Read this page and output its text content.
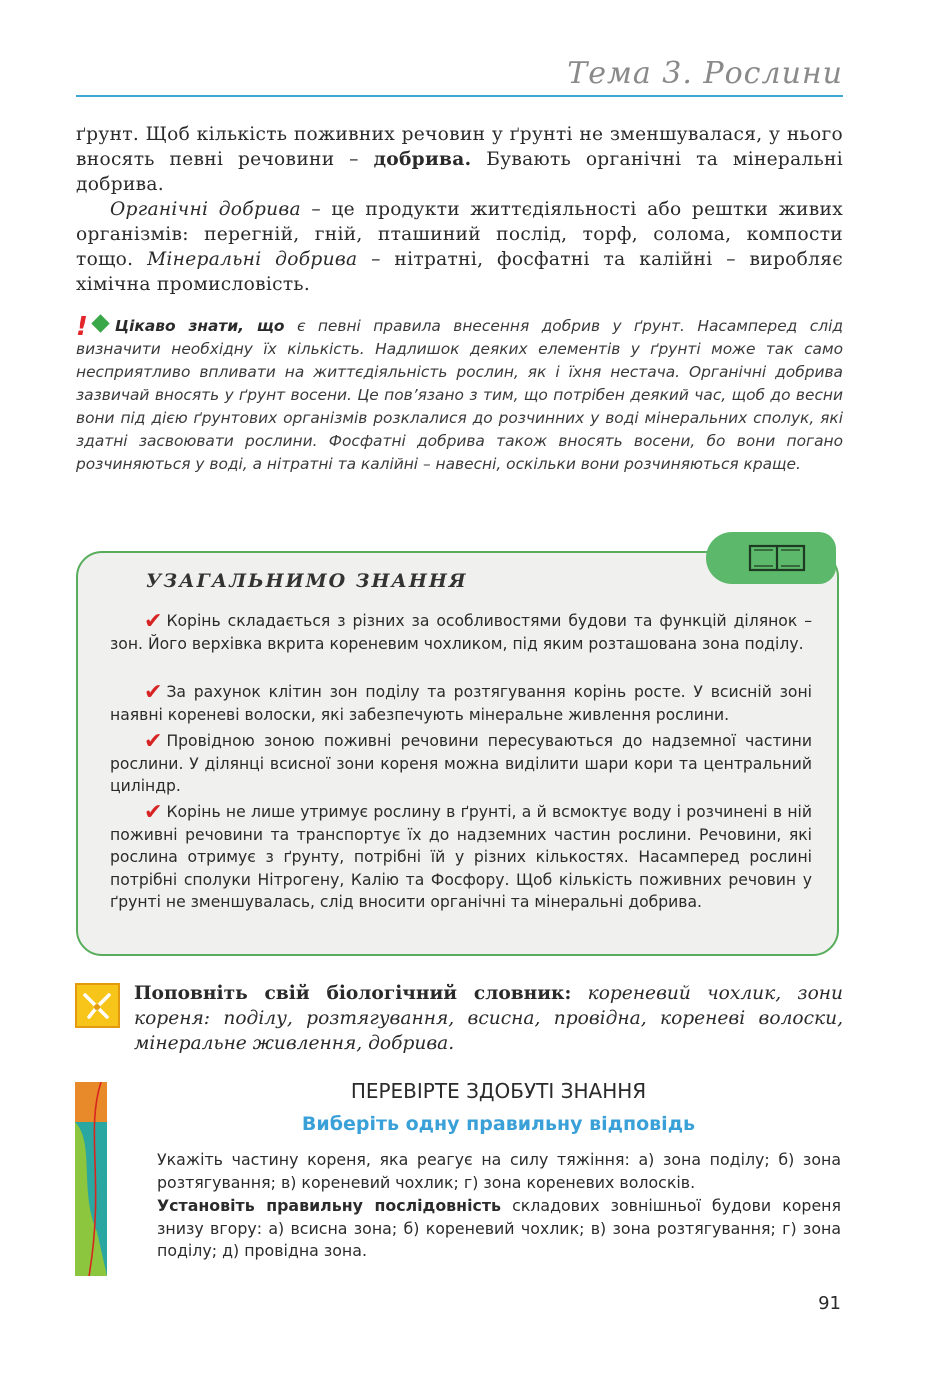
Тема 3. Рослини
ґрунт. Щоб кількість поживних речовин у ґрунті не зменшувалася, у нього вносять певні речовини – добрива. Бувають органічні та мінеральні добрива.
Органічні добрива – це продукти життєдіяльності або рештки живих організмів: перегній, гній, пташиний послід, торф, солома, компости тощо. Мінеральні добрива – нітратні, фосфатні та калійні – виробляє хімічна промисловість.
! Цікаво знати, що є певні правила внесення добрив у ґрунт. Насамперед слід визначити необхідну їх кількість. Надлишок деяких елементів у ґрунті може так само несприятливо впливати на життєдіяльність рослин, як і їхня нестача. Органічні добрива зазвичай вносять у ґрунт восени. Це пов’язано з тим, що потрібен деякий час, щоб до весни вони під дією ґрунтових організмів розклалися до розчинних у воді мінеральних сполук, які здатні засвоювати рослини. Фосфатні добрива також вносять восени, бо вони погано розчиняються у воді, а нітратні та калійні – навесні, оскільки вони розчиняються краще.
УЗАГАЛЬНИМО ЗНАННЯ
✔ Корінь складається з різних за особливостями будови та функцій ділянок – зон. Його верхівка вкрита кореневим чохликом, під яким розташована зона поділу.
✔ За рахунок клітин зон поділу та розтягування корінь росте. У всисній зоні наявні кореневі волоски, які забезпечують мінеральне живлення рослини.
✔ Провідною зоною поживні речовини пересуваються до надземної частини рослини. У ділянці всисної зони кореня можна виділити шари кори та центральний циліндр.
✔ Корінь не лише утримує рослину в ґрунті, а й всмоктує воду і розчинені в ній поживні речовини та транспортує їх до надземних частин рослини. Речовини, які рослина отримує з ґрунту, потрібні їй у різних кількостях. Насамперед рослині потрібні сполуки Нітрогену, Калію та Фосфору. Щоб кількість поживних речовин у ґрунті не зменшувалась, слід вносити органічні та мінеральні добрива.
Поповніть свій біологічний словник: кореневий чохлик, зони кореня: поділу, розтягування, всисна, провідна, кореневі волоски, мінеральне живлення, добрива.
ПЕРЕВІРТЕ ЗДОБУТІ ЗНАННЯ
Виберіть одну правильну відповідь
Укажіть частину кореня, яка реагує на силу тяжіння: а) зона поділу; б) зона розтягування; в) кореневий чохлик; г) зона кореневих волосків.
Установіть правильну послідовність складових зовнішньої будови кореня знизу вгору: а) всисна зона; б) кореневий чохлик; в) зона розтягування; г) зона поділу; д) провідна зона.
91
